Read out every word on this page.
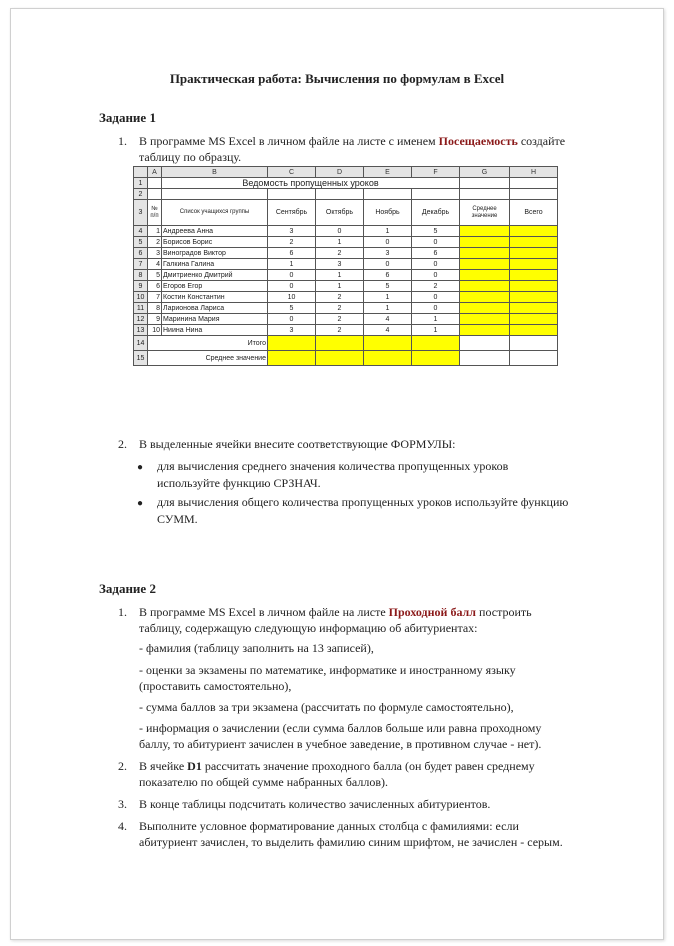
Практическая работа: Вычисления по формулам в Excel
Задание 1
1. В программе MS Excel в личном файле на листе с именем Посещаемость создайте
таблицу по образцу.
	A	B	C	D	E	F	G	H
1		Ведомость пропущенных уроков						
2								
3	№ п/п	Список учащихся группы	Сентябрь	Октябрь	Ноябрь	Декабрь	Среднее значение	Всего
4	1	Андреева Анна	3	0	1	5		
5	2	Борисов Борис	2	1	0	0		
6	3	Виноградов Виктор	6	2	3	6		
7	4	Галкина Галина	1	3	0	0		
8	5	Дмитриенко Дмитрий	0	1	6	0		
9	6	Егоров Егор	0	1	5	2		
10	7	Костин Константин	10	2	1	0		
11	8	Ларионова Лариса	5	2	1	0		
12	9	Маринина Мария	0	2	4	1		
13	10	Ниина Нина	3	2	4	1		
14	Итого							
15	Среднее значение							
2. В выделенные ячейки внесите соответствующие ФОРМУЛЫ:
● для вычисления среднего значения количества пропущенных уроков
используйте функцию СРЗНАЧ.
● для вычисления общего количества пропущенных уроков используйте функцию
СУММ.
Задание 2
1. В программе MS Excel в личном файле на листе Проходной балл построить
таблицу, содержащую следующую информацию об абитуриентах:
- фамилия (таблицу заполнить на 13 записей),
- оценки за экзамены по математике, информатике и иностранному языку
(проставить самостоятельно),
- сумма баллов за три экзамена (рассчитать по формуле самостоятельно),
- информация о зачислении (если сумма баллов больше или равна проходному
баллу, то абитуриент зачислен в учебное заведение, в противном случае - нет).
2. В ячейке D1 рассчитать значение проходного балла (он будет равен среднему
показателю по общей сумме набранных баллов).
3. В конце таблицы подсчитать количество зачисленных абитуриентов.
4. Выполните условное форматирование данных столбца с фамилиями: если
абитуриент зачислен, то выделить фамилию синим шрифтом, не зачислен - серым.
